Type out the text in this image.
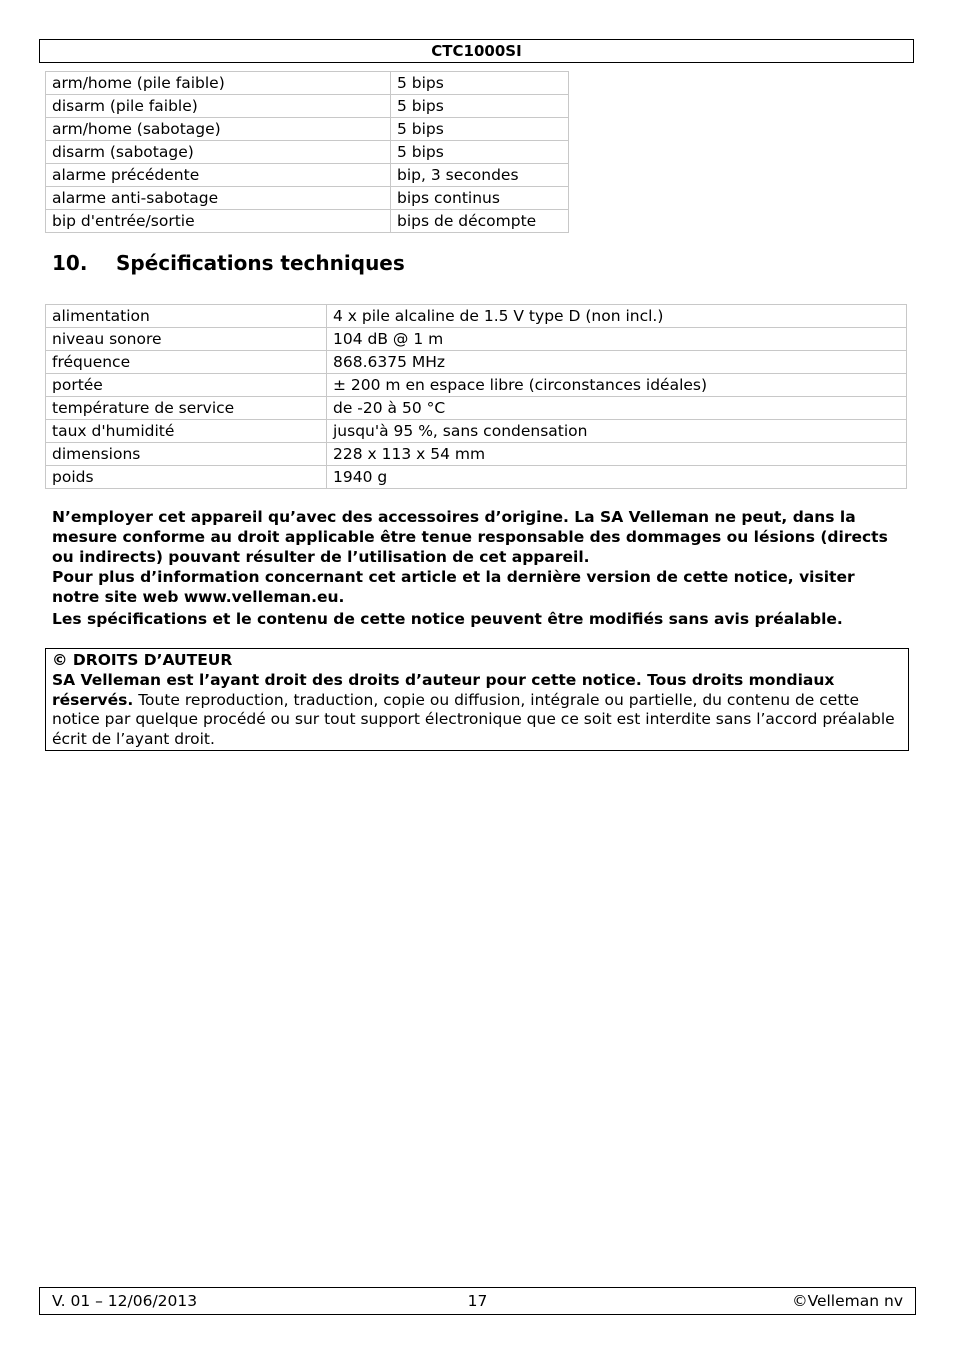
CTC1000SI
arm/home (pile faible)	5 bips
disarm (pile faible)	5 bips
arm/home (sabotage)	5 bips
disarm (sabotage)	5 bips
alarme précédente	bip, 3 secondes
alarme anti-sabotage	bips continus
bip d'entrée/sortie	bips de décompte
10. Spécifications techniques
alimentation	4 x pile alcaline de 1.5 V type D (non incl.)
niveau sonore	104 dB @ 1 m
fréquence	868.6375 MHz
portée	± 200 m en espace libre (circonstances idéales)
température de service	de -20 à 50 °C
taux d'humidité	jusqu'à 95 %, sans condensation
dimensions	228 x 113 x 54 mm
poids	1940 g
N’employer cet appareil qu’avec des accessoires d’origine. La SA Velleman ne peut, dans la mesure conforme au droit applicable être tenue responsable des dommages ou lésions (directs ou indirects) pouvant résulter de l’utilisation de cet appareil.
Pour plus d’information concernant cet article et la dernière version de cette notice, visiter notre site web www.velleman.eu.
Les spécifications et le contenu de cette notice peuvent être modifiés sans avis préalable.
© DROITS D’AUTEUR
SA Velleman est l’ayant droit des droits d’auteur pour cette notice. Tous droits mondiaux réservés. Toute reproduction, traduction, copie ou diffusion, intégrale ou partielle, du contenu de cette notice par quelque procédé ou sur tout support électronique que ce soit est interdite sans l’accord préalable écrit de l’ayant droit.
17
V. 01 – 12/06/2013	©Velleman nv
